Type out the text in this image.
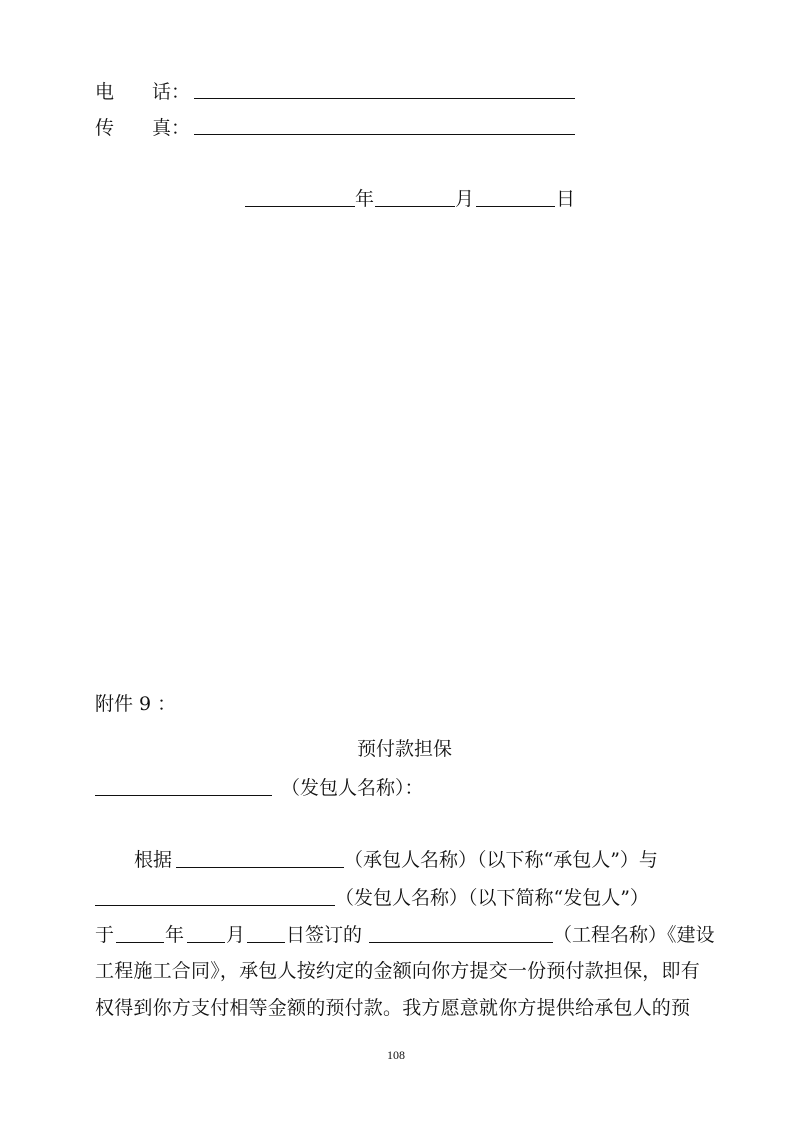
电 话：
传 真：
年	月	日
附件 9 ：
预付款担保
（发包人名称）：
根据	（承包人名称）（以下称“承包人”）与
（发包人名称）（以下简称“发包人”）
于	年 月 日签订的	（工程名称）《建设
工程施工合同》，承包人按约定的金额向你方提交一份预付款担保，即有
权得到你方支付相等金额的预付款。我方愿意就你方提供给承包人的预
108
